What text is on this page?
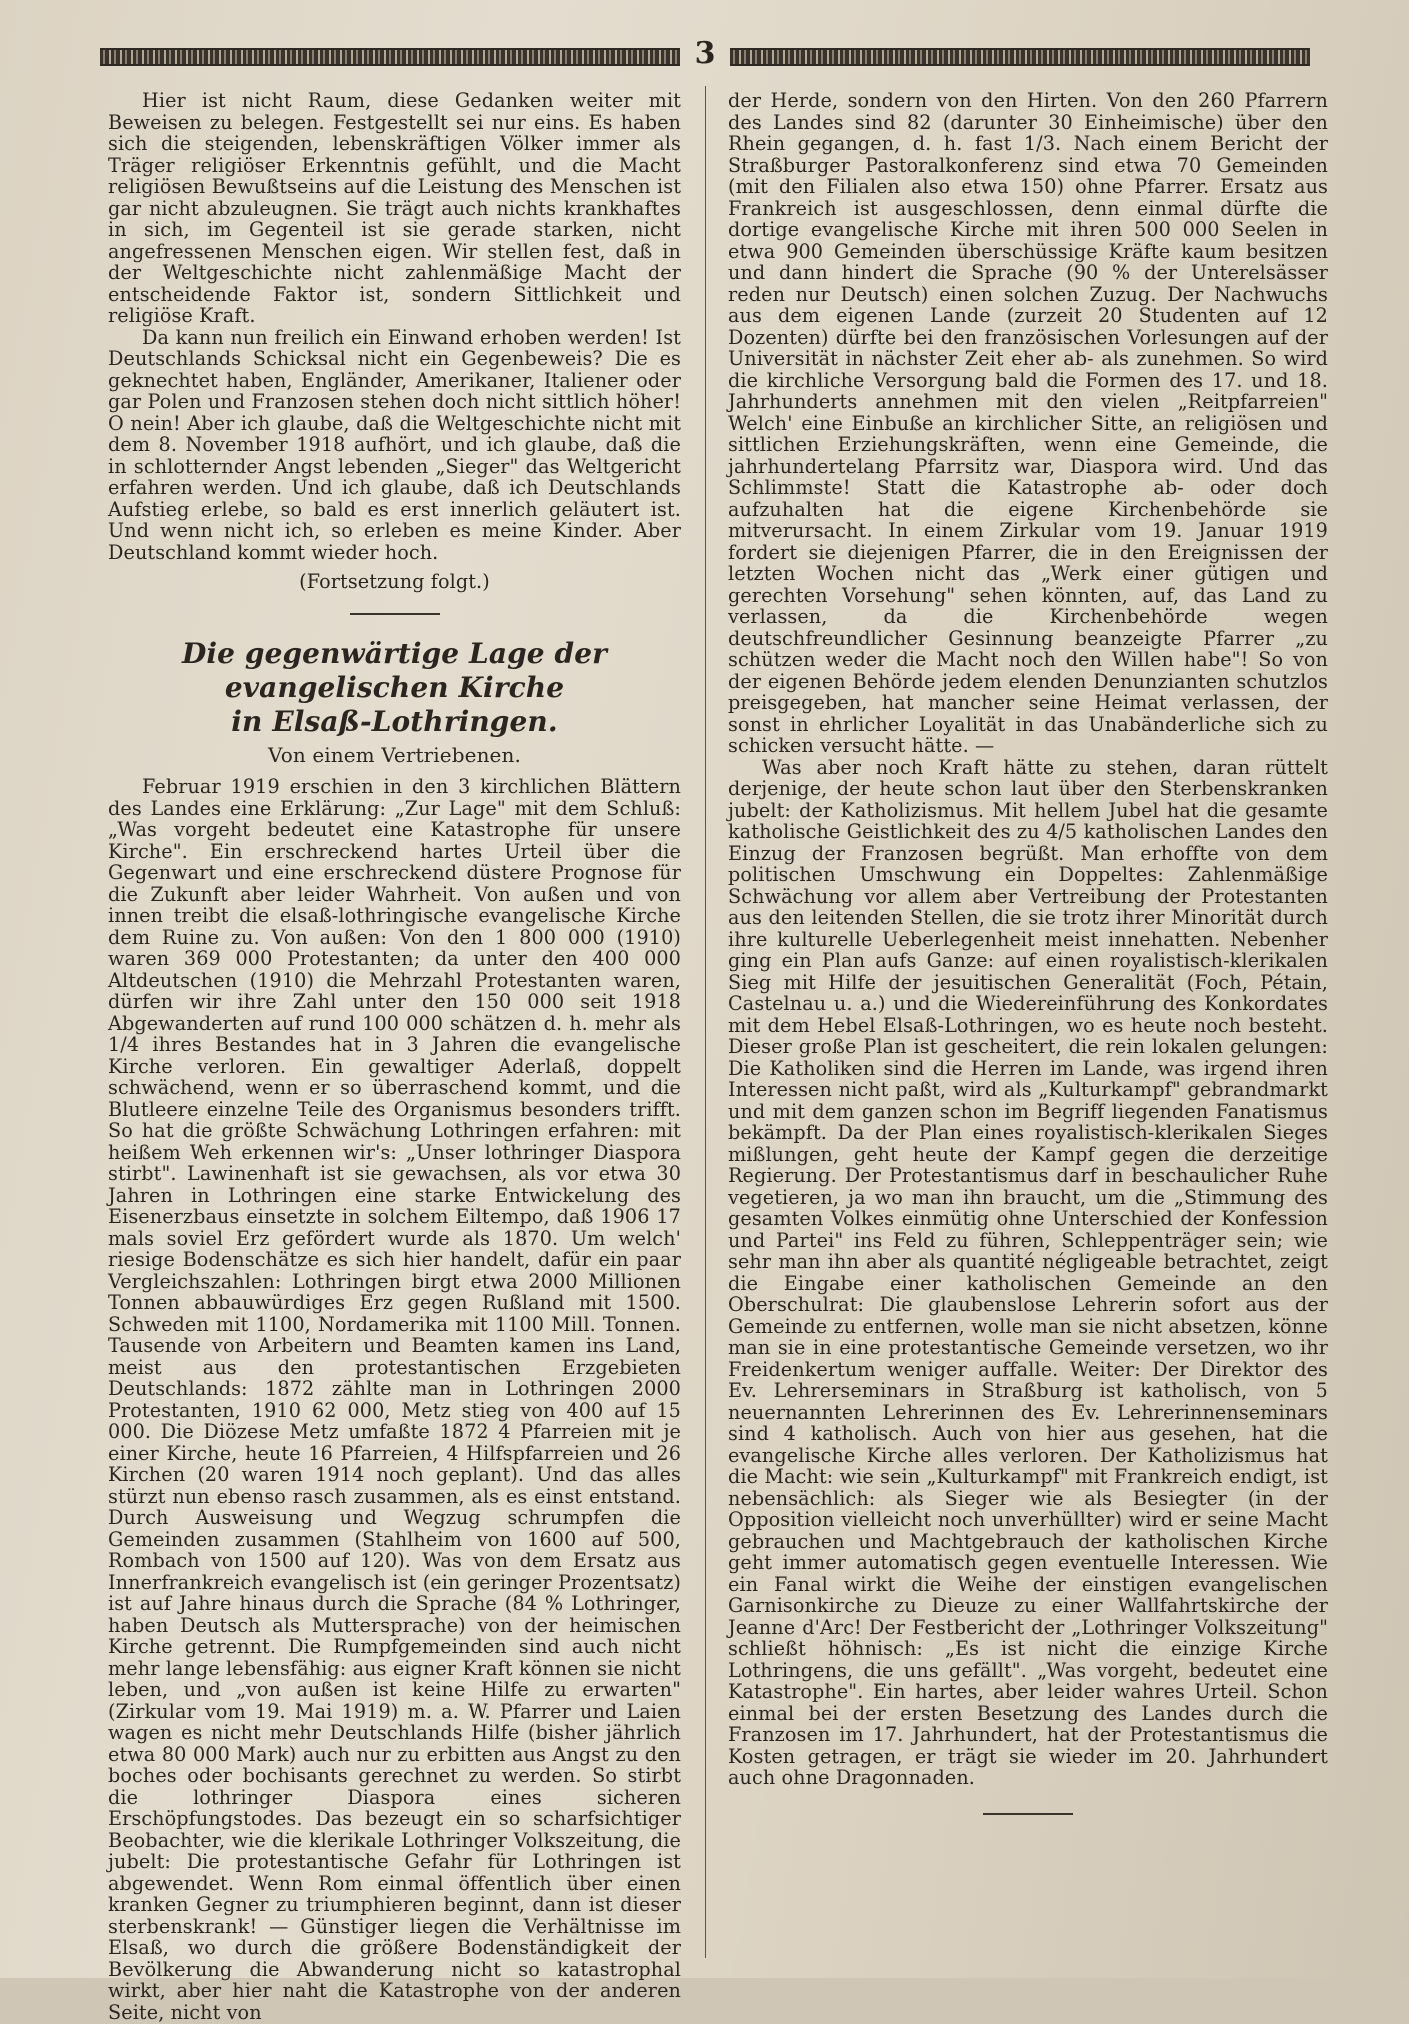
3

Hier ist nicht Raum, diese Gedanken weiter mit Beweisen zu belegen. Festgestellt sei nur eins. Es haben sich die steigenden, lebenskräftigen Völker immer als Träger religiöser Erkenntnis gefühlt, und die Macht religiösen Bewußtseins auf die Leistung des Menschen ist gar nicht abzuleugnen. Sie trägt auch nichts krankhaftes in sich, im Gegenteil ist sie gerade starken, nicht angefressenen Menschen eigen. Wir stellen fest, daß in der Weltgeschichte nicht zahlenmäßige Macht der entscheidende Faktor ist, sondern Sittlichkeit und religiöse Kraft.

Da kann nun freilich ein Einwand erhoben werden! Ist Deutschlands Schicksal nicht ein Gegenbeweis? Die es geknechtet haben, Engländer, Amerikaner, Italiener oder gar Polen und Franzosen stehen doch nicht sittlich höher! O nein! Aber ich glaube, daß die Weltgeschichte nicht mit dem 8. November 1918 aufhört, und ich glaube, daß die in schlotternder Angst lebenden „Sieger" das Weltgericht erfahren werden. Und ich glaube, daß ich Deutschlands Aufstieg erlebe, so bald es erst innerlich geläutert ist. Und wenn nicht ich, so erleben es meine Kinder. Aber Deutschland kommt wieder hoch.

(Fortsetzung folgt.)
Die gegenwärtige Lage der evangelischen Kirche
in Elsaß-Lothringen.
Von einem Vertriebenen.

Februar 1919 erschien in den 3 kirchlichen Blättern des Landes eine Erklärung: „Zur Lage" mit dem Schluß: „Was vorgeht bedeutet eine Katastrophe für unsere Kirche". Ein erschreckend hartes Urteil über die Gegenwart und eine erschreckend düstere Prognose für die Zukunft aber leider Wahrheit. Von außen und von innen treibt die elsaß-lothringische evangelische Kirche dem Ruine zu. Von außen: Von den 1 800 000 (1910) waren 369 000 Protestanten; da unter den 400 000 Altdeutschen (1910) die Mehrzahl Protestanten waren, dürfen wir ihre Zahl unter den 150 000 seit 1918 Abgewanderten auf rund 100 000 schätzen d. h. mehr als 1/4 ihres Bestandes hat in 3 Jahren die evangelische Kirche verloren. Ein gewaltiger Aderlaß, doppelt schwächend, wenn er so überraschend kommt, und die Blutleere einzelne Teile des Organismus besonders trifft. So hat die größte Schwächung Lothringen erfahren: mit heißem Weh erkennen wir's: „Unser lothringer Diaspora stirbt". Lawinenhaft ist sie gewachsen, als vor etwa 30 Jahren in Lothringen eine starke Entwickelung des Eisenerzbaus einsetzte in solchem Eiltempo, daß 1906 17 mals soviel Erz gefördert wurde als 1870. Um welch' riesige Bodenschätze es sich hier handelt, dafür ein paar Vergleichszahlen: Lothringen birgt etwa 2000 Millionen Tonnen abbauwürdiges Erz gegen Rußland mit 1500. Schweden mit 1100, Nordamerika mit 1100 Mill. Tonnen. Tausende von Arbeitern und Beamten kamen ins Land, meist aus den protestantischen Erzgebieten Deutschlands: 1872 zählte man in Lothringen 2000 Protestanten, 1910 62 000, Metz stieg von 400 auf 15 000. Die Diözese Metz umfaßte 1872 4 Pfarreien mit je einer Kirche, heute 16 Pfarreien, 4 Hilfspfarreien und 26 Kirchen (20 waren 1914 noch geplant). Und das alles stürzt nun ebenso rasch zusammen, als es einst entstand. Durch Ausweisung und Wegzug schrumpfen die Gemeinden zusammen (Stahlheim von 1600 auf 500, Rombach von 1500 auf 120). Was von dem Ersatz aus Innerfrankreich evangelisch ist (ein geringer Prozentsatz) ist auf Jahre hinaus durch die Sprache (84 % Lothringer, haben Deutsch als Muttersprache) von der heimischen Kirche getrennt. Die Rumpfgemeinden sind auch nicht mehr lange lebensfähig: aus eigner Kraft können sie nicht leben, und „von außen ist keine Hilfe zu erwarten" (Zirkular vom 19. Mai 1919) m. a. W. Pfarrer und Laien wagen es nicht mehr Deutschlands Hilfe (bisher jährlich etwa 80 000 Mark) auch nur zu erbitten aus Angst zu den boches oder bochisants gerechnet zu werden. So stirbt die lothringer Diaspora eines sicheren Erschöpfungstodes. Das bezeugt ein so scharfsichtiger Beobachter, wie die klerikale Lothringer Volkszeitung, die jubelt: Die protestantische Gefahr für Lothringen ist abgewendet. Wenn Rom einmal öffentlich über einen kranken Gegner zu triumphieren beginnt, dann ist dieser sterbenskrank! — Günstiger liegen die Verhältnisse im Elsaß, wo durch die größere Bodenständigkeit der Bevölkerung die Abwanderung nicht so katastrophal wirkt, aber hier naht die Katastrophe von der anderen Seite, nicht von

der Herde, sondern von den Hirten. Von den 260 Pfarrern des Landes sind 82 (darunter 30 Einheimische) über den Rhein gegangen, d. h. fast 1/3. Nach einem Bericht der Straßburger Pastoralkonferenz sind etwa 70 Gemeinden (mit den Filialen also etwa 150) ohne Pfarrer. Ersatz aus Frankreich ist ausgeschlossen, denn einmal dürfte die dortige evangelische Kirche mit ihren 500 000 Seelen in etwa 900 Gemeinden überschüssige Kräfte kaum besitzen und dann hindert die Sprache (90 % der Unterelsässer reden nur Deutsch) einen solchen Zuzug. Der Nachwuchs aus dem eigenen Lande (zurzeit 20 Studenten auf 12 Dozenten) dürfte bei den französischen Vorlesungen auf der Universität in nächster Zeit eher ab- als zunehmen. So wird die kirchliche Versorgung bald die Formen des 17. und 18. Jahrhunderts annehmen mit den vielen „Reitpfarreien" Welch' eine Einbuße an kirchlicher Sitte, an religiösen und sittlichen Erziehungskräften, wenn eine Gemeinde, die jahrhundertelang Pfarrsitz war, Diaspora wird. Und das Schlimmste! Statt die Katastrophe ab- oder doch aufzuhalten hat die eigene Kirchenbehörde sie mitverursacht. In einem Zirkular vom 19. Januar 1919 fordert sie diejenigen Pfarrer, die in den Ereignissen der letzten Wochen nicht das „Werk einer gütigen und gerechten Vorsehung" sehen könnten, auf, das Land zu verlassen, da die Kirchenbehörde wegen deutschfreundlicher Gesinnung beanzeigte Pfarrer „zu schützen weder die Macht noch den Willen habe"! So von der eigenen Behörde jedem elenden Denunzianten schutzlos preisgegeben, hat mancher seine Heimat verlassen, der sonst in ehrlicher Loyalität in das Unabänderliche sich zu schicken versucht hätte. —

Was aber noch Kraft hätte zu stehen, daran rüttelt derjenige, der heute schon laut über den Sterbenskranken jubelt: der Katholizismus. Mit hellem Jubel hat die gesamte katholische Geistlichkeit des zu 4/5 katholischen Landes den Einzug der Franzosen begrüßt. Man erhoffte von dem politischen Umschwung ein Doppeltes: Zahlenmäßige Schwächung vor allem aber Vertreibung der Protestanten aus den leitenden Stellen, die sie trotz ihrer Minorität durch ihre kulturelle Ueberlegenheit meist innehatten. Nebenher ging ein Plan aufs Ganze: auf einen royalistisch-klerikalen Sieg mit Hilfe der jesuitischen Generalität (Foch, Pétain, Castelnau u. a.) und die Wiedereinführung des Konkordates mit dem Hebel Elsaß-Lothringen, wo es heute noch besteht. Dieser große Plan ist gescheitert, die rein lokalen gelungen: Die Katholiken sind die Herren im Lande, was irgend ihren Interessen nicht paßt, wird als „Kulturkampf" gebrandmarkt und mit dem ganzen schon im Begriff liegenden Fanatismus bekämpft. Da der Plan eines royalistisch-klerikalen Sieges mißlungen, geht heute der Kampf gegen die derzeitige Regierung. Der Protestantismus darf in beschaulicher Ruhe vegetieren, ja wo man ihn braucht, um die „Stimmung des gesamten Volkes einmütig ohne Unterschied der Konfession und Partei" ins Feld zu führen, Schleppenträger sein; wie sehr man ihn aber als quantité négligeable betrachtet, zeigt die Eingabe einer katholischen Gemeinde an den Oberschulrat: Die glaubenslose Lehrerin sofort aus der Gemeinde zu entfernen, wolle man sie nicht absetzen, könne man sie in eine protestantische Gemeinde versetzen, wo ihr Freidenkertum weniger auffalle. Weiter: Der Direktor des Ev. Lehrerseminars in Straßburg ist katholisch, von 5 neuernannten Lehrerinnen des Ev. Lehrerinnenseminars sind 4 katholisch. Auch von hier aus gesehen, hat die evangelische Kirche alles verloren. Der Katholizismus hat die Macht: wie sein „Kulturkampf" mit Frankreich endigt, ist nebensächlich: als Sieger wie als Besiegter (in der Opposition vielleicht noch unverhüllter) wird er seine Macht gebrauchen und Machtgebrauch der katholischen Kirche geht immer automatisch gegen eventuelle Interessen. Wie ein Fanal wirkt die Weihe der einstigen evangelischen Garnisonkirche zu Dieuze zu einer Wallfahrtskirche der Jeanne d'Arc! Der Festbericht der „Lothringer Volkszeitung" schließt höhnisch: „Es ist nicht die einzige Kirche Lothringens, die uns gefällt". „Was vorgeht, bedeutet eine Katastrophe". Ein hartes, aber leider wahres Urteil. Schon einmal bei der ersten Besetzung des Landes durch die Franzosen im 17. Jahrhundert, hat der Protestantismus die Kosten getragen, er trägt sie wieder im 20. Jahrhundert auch ohne Dragonnaden.
